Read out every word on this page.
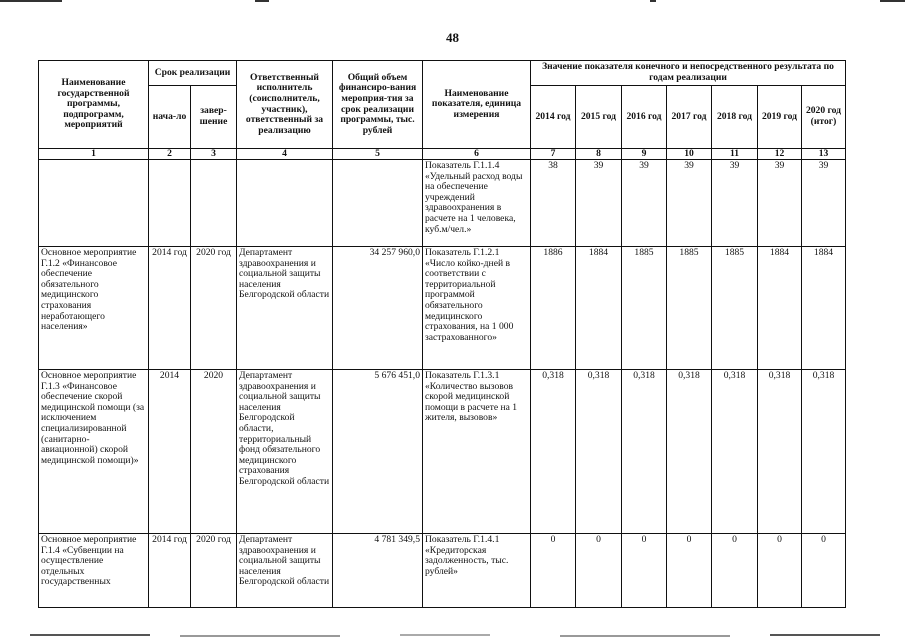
48
Наименование государственной программы, подпрограмм, мероприятий	Срок реализации		Ответственный исполнитель (соисполнитель, участник), ответственный за реализацию	Общий объем финансиро-вания мероприя-тия за срок реализации программы, тыс. рублей	Наименование показателя, единица измерения	Значение показателя конечного и непосредственного результата по годам реализации						
	нача-ло	завер-шение				2014 год	2015 год	2016 год	2017 год	2018 год	2019 год	2020 год (итог)
1	2	3	4	5	6	7	8	9	10	11	12	13
					Показатель Г.1.1.4 «Удельный расход воды на обеспечение учреждений здравоохранения в расчете на 1 человека, куб.м/чел.»	38	39	39	39	39	39	39
Основное мероприятие Г.1.2 «Финансовое обеспечение обязательного медицинского страхования неработающего населения»	2014 год	2020 год	Департамент здравоохранения и социальной защиты населения Белгородской области	34 257 960,0	Показатель Г.1.2.1 «Число койко-дней в соответствии с территориальной программой обязательного медицинского страхования, на 1 000 застрахованного»	1886	1884	1885	1885	1885	1884	1884
Основное мероприятие Г.1.3 «Финансовое обеспечение скорой медицинской помощи (за исключением специализированной (санитарно-авиационной) скорой медицинской помощи)»	2014	2020	Департамент здравоохранения и социальной защиты населения Белгородской области, территориальный фонд обязательного медицинского страхования Белгородской области	5 676 451,0	Показатель Г.1.3.1 «Количество вызовов скорой медицинской помощи в расчете на 1 жителя, вызовов»	0,318	0,318	0,318	0,318	0,318	0,318	0,318
Основное мероприятие Г.1.4 «Субвенции на осуществление отдельных государственных	2014 год	2020 год	Департамент здравоохранения и социальной защиты населения Белгородской области	4 781 349,5	Показатель Г.1.4.1 «Кредиторская задолженность, тыс. рублей»	0	0	0	0	0	0	0
